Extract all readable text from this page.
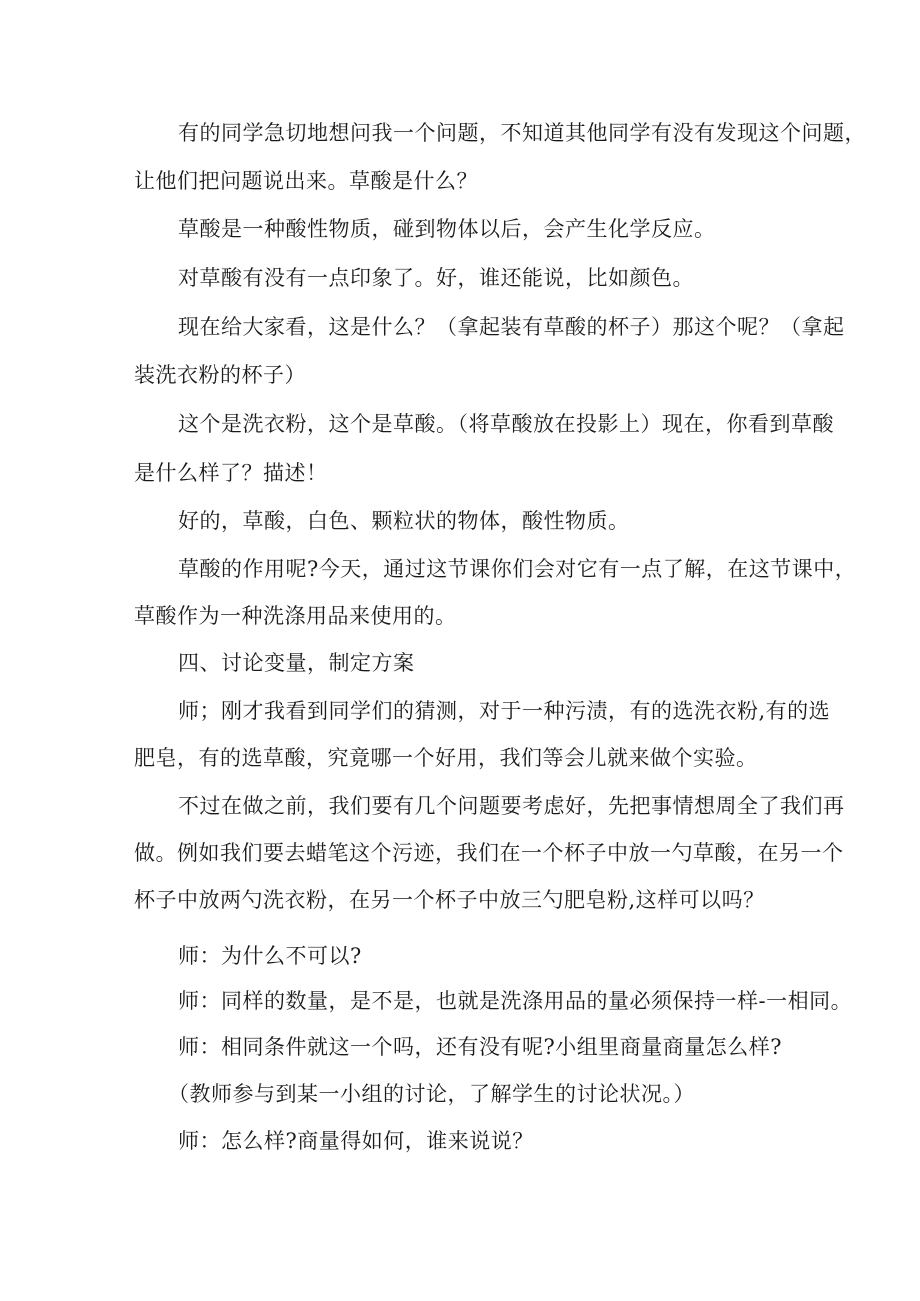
有的同学急切地想问我一个问题，不知道其他同学有没有发现这个问题，
让他们把问题说出来。草酸是什么？
草酸是一种酸性物质，碰到物体以后，会产生化学反应。
对草酸有没有一点印象了。好，谁还能说，比如颜色。
现在给大家看，这是什么？（拿起装有草酸的杯子）那这个呢？（拿起
装洗衣粉的杯子）
这个是洗衣粉，这个是草酸。（将草酸放在投影上）现在，你看到草酸
是什么样了？描述！
好的，草酸，白色、颗粒状的物体，酸性物质。
草酸的作用呢?今天，通过这节课你们会对它有一点了解，在这节课中，
草酸作为一种洗涤用品来使用的。
四、讨论变量，制定方案
师；刚才我看到同学们的猜测，对于一种污渍，有的选洗衣粉,有的选
肥皂，有的选草酸，究竟哪一个好用，我们等会儿就来做个实验。
不过在做之前，我们要有几个问题要考虑好，先把事情想周全了我们再
做。例如我们要去蜡笔这个污迹，我们在一个杯子中放一勺草酸，在另一个
杯子中放两勺洗衣粉，在另一个杯子中放三勺肥皂粉,这样可以吗？
师：为什么不可以?
师：同样的数量，是不是，也就是洗涤用品的量必须保持一样-一相同。
师：相同条件就这一个吗，还有没有呢?小组里商量商量怎么样?
（教师参与到某一小组的讨论，了解学生的讨论状况。）
师：怎么样?商量得如何，谁来说说？
